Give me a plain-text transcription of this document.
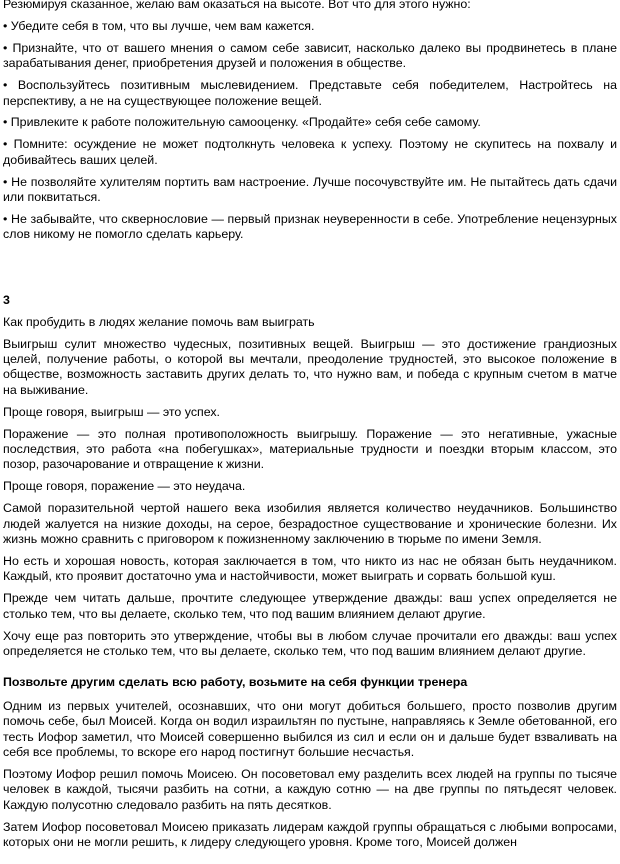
Резюмируя сказанное, желаю вам оказаться на высоте. Вот что для этого нужно:

• Убедите себя в том, что вы лучше, чем вам кажется.

• Признайте, что от вашего мнения о самом себе зависит, насколько далеко вы продвинетесь в плане зарабатывания денег, приобретения друзей и положения в обществе.

• Воспользуйтесь позитивным мыслевидением. Представьте себя победителем, Настройтесь на перспективу, а не на существующее положение вещей.

• Привлеките к работе положительную самооценку. «Продайте» себя себе самому.

• Помните: осуждение не может подтолкнуть человека к успеху. Поэтому не скупитесь на похвалу и добивайтесь ваших целей.

• Не позволяйте хулителям портить вам настроение. Лучше посочувствуйте им. Не пытайтесь дать сдачи или поквитаться.

• Не забывайте, что сквернословие — первый признак неуверенности в себе. Употребление нецензурных слов никому не помогло сделать карьеру.

3

Как пробудить в людях желание помочь вам выиграть

Выигрыш сулит множество чудесных, позитивных вещей. Выигрыш — это достижение грандиозных целей, получение работы, о которой вы мечтали, преодоление трудностей, это высокое положение в обществе, возможность заставить других делать то, что нужно вам, и победа с крупным счетом в матче на выживание.

Проще говоря, выигрыш — это успех.

Поражение — это полная противоположность выигрышу. Поражение — это негативные, ужасные последствия, это работа «на побегушках», материальные трудности и поездки вторым классом, это позор, разочарование и отвращение к жизни.

Проще говоря, поражение — это неудача.

Самой поразительной чертой нашего века изобилия является количество неудачников. Большинство людей жалуется на низкие доходы, на серое, безрадостное существование и хронические болезни. Их жизнь можно сравнить с приговором к пожизненному заключению в тюрьме по имени Земля.

Но есть и хорошая новость, которая заключается в том, что никто из нас не обязан быть неудачником. Каждый, кто проявит достаточно ума и настойчивости, может выиграть и сорвать большой куш.

Прежде чем читать дальше, прочтите следующее утверждение дважды: ваш успех определяется не столько тем, что вы делаете, сколько тем, что под вашим влиянием делают другие.

Хочу еще раз повторить это утверждение, чтобы вы в любом случае прочитали его дважды: ваш успех определяется не столько тем, что вы делаете, сколько тем, что под вашим влиянием делают другие.

Позвольте другим сделать всю работу, возьмите на себя функции тренера

Одним из первых учителей, осознавших, что они могут добиться большего, просто позволив другим помочь себе, был Моисей. Когда он водил израильтян по пустыне, направляясь к Земле обетованной, его тесть Иофор заметил, что Моисей совершенно выбился из сил и если он и дальше будет взваливать на себя все проблемы, то вскоре его народ постигнут большие несчастья.

Поэтому Иофор решил помочь Моисею. Он посоветовал ему разделить всех людей на группы по тысяче человек в каждой, тысячи разбить на сотни, а каждую сотню — на две группы по пятьдесят человек. Каждую полусотню следовало разбить на пять десятков.

Затем Иофор посоветовал Моисею приказать лидерам каждой группы обращаться с любыми вопросами, которых они не могли решить, к лидеру следующего уровня. Кроме того, Моисей должен
